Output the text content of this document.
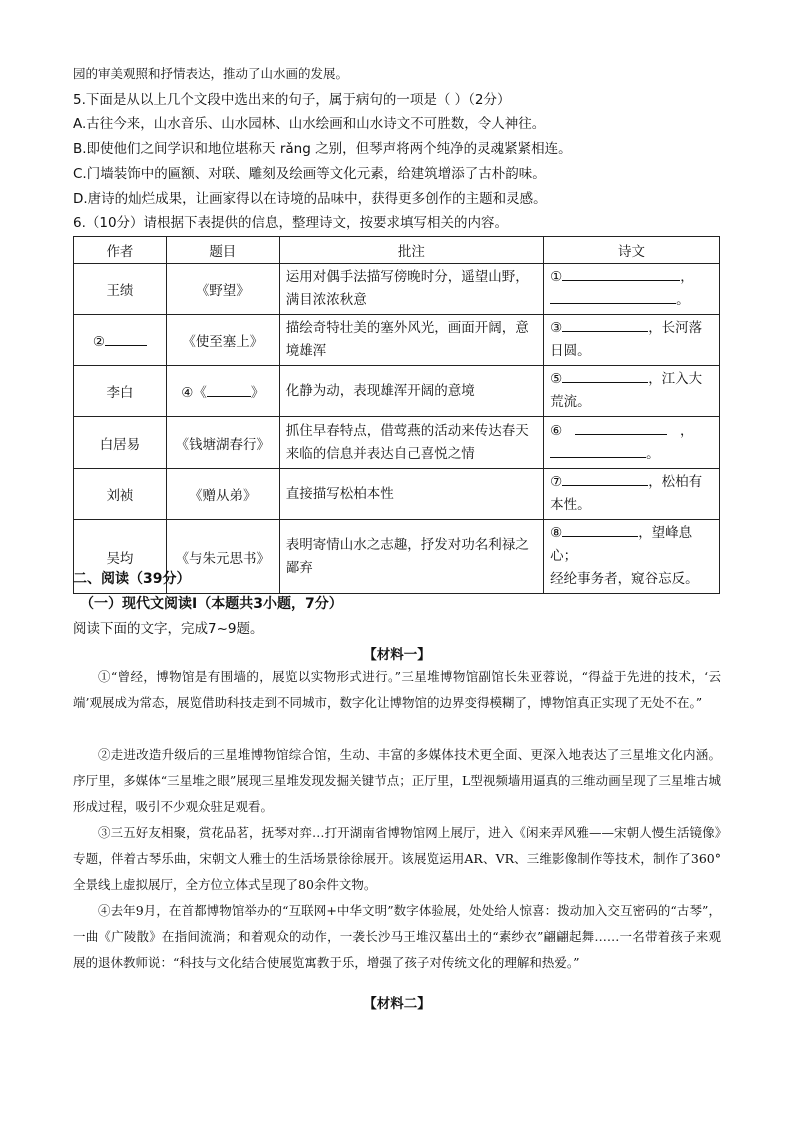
园的审美观照和抒情表达，推动了山水画的发展。
5.下面是从以上几个文段中选出来的句子，属于病句的一项是（ ）（2分）
A.古往今来，山水音乐、山水园林、山水绘画和山水诗文不可胜数，令人神往。
B.即使他们之间学识和地位堪称天 rǎng 之别，但琴声将两个纯净的灵魂紧紧相连。
C.门墙装饰中的匾额、对联、雕刻及绘画等文化元素，给建筑增添了古朴韵味。
D.唐诗的灿烂成果，让画家得以在诗境的品味中，获得更多创作的主题和灵感。
6.（10分）请根据下表提供的信息，整理诗文，按要求填写相关的内容。
作者	题目	批注	诗文
王绩	《野望》	运用对偶手法描写傍晚时分，遥望山野，满目浓浓秋意	① ，
。
②	《使至塞上》	描绘奇特壮美的塞外风光，画面开阔，意境雄浑	③ ，长河落
日圆。
李白	④《 》	化静为动，表现雄浑开阔的意境	⑤ ，江入大
荒流。
白居易	《钱塘湖春行》	抓住早春特点，借莺燕的活动来传达春天来临的信息并表达自己喜悦之情	⑥ ，
。
刘祯	《赠从弟》	直接描写松柏本性	⑦ ，松柏有
本性。
吴均	《与朱元思书》	表明寄情山水之志趣，抒发对功名利禄之鄙弃	⑧ ，望峰息心；
经纶事务者，窥谷忘反。
二、阅读（39分）
（一）现代文阅读Ⅰ（本题共3小题，7分）
阅读下面的文字，完成7~9题。
【材料一】
①“曾经，博物馆是有围墙的，展览以实物形式进行。”三星堆博物馆副馆长朱亚蓉说，“得益于先进的技术，‘云端’观展成为常态，展览借助科技走到不同城市，数字化让博物馆的边界变得模糊了，博物馆真正实现了无处不在。”
②走进改造升级后的三星堆博物馆综合馆，生动、丰富的多媒体技术更全面、更深入地表达了三星堆文化内涵。序厅里，多媒体“三星堆之眼”展现三星堆发现发掘关键节点；正厅里，L型视频墙用逼真的三维动画呈现了三星堆古城形成过程，吸引不少观众驻足观看。
③三五好友相聚，赏花品茗，抚琴对弈…打开湖南省博物馆网上展厅，进入《闲来弄风雅——宋朝人慢生活镜像》专题，伴着古琴乐曲，宋朝文人雅士的生活场景徐徐展开。该展览运用AR、VR、三维影像制作等技术，制作了360°全景线上虚拟展厅，全方位立体式呈现了80余件文物。
④去年9月，在首都博物馆举办的“互联网+中华文明”数字体验展，处处给人惊喜：拨动加入交互密码的“古琴”，一曲《广陵散》在指间流淌；和着观众的动作，一袭长沙马王堆汉墓出土的“素纱衣”翩翩起舞……一名带着孩子来观展的退休教师说：“科技与文化结合使展览寓教于乐，增强了孩子对传统文化的理解和热爱。”
【材料二】
